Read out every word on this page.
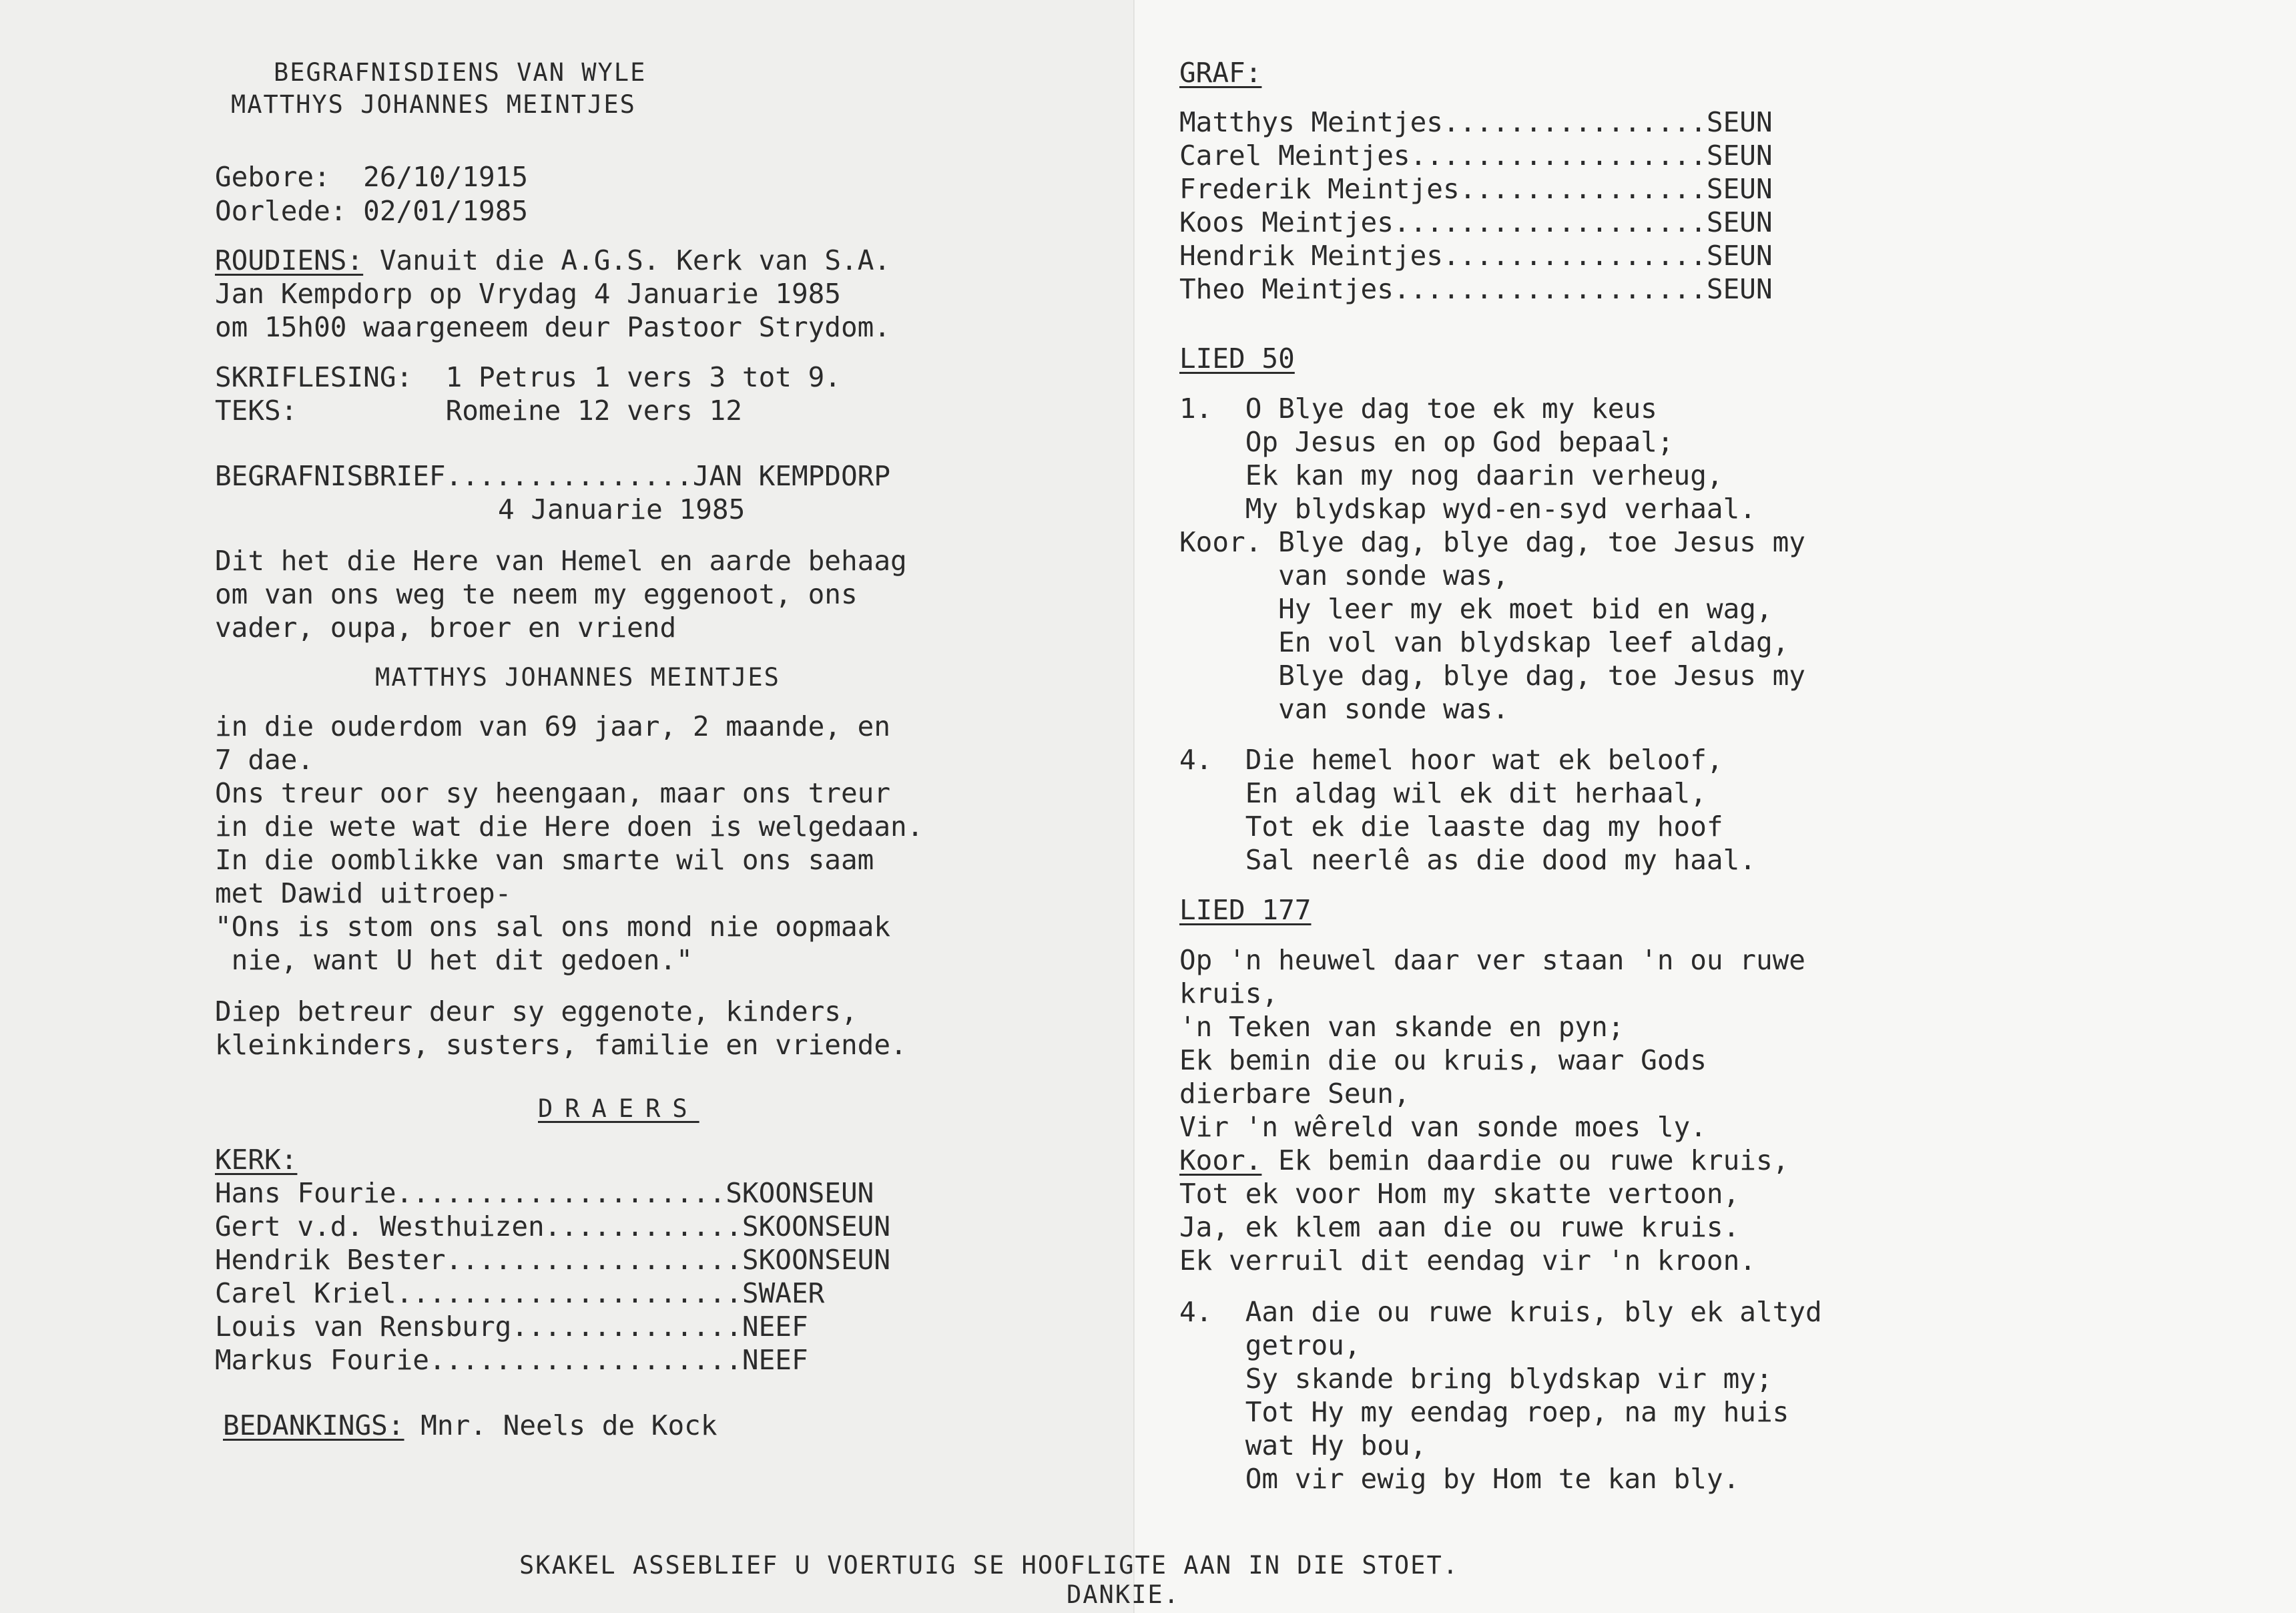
BEGRAFNISDIENS VAN WYLE
MATTHYS JOHANNES MEINTJES
Gebore:  26/10/1915
Oorlede: 02/01/1985
ROUDIENS: Vanuit die A.G.S. Kerk van S.A.
Jan Kempdorp op Vrydag 4 Januarie 1985
om 15h00 waargeneem deur Pastoor Strydom.
SKRIFLESING:  1 Petrus 1 vers 3 tot 9.
TEKS:         Romeine 12 vers 12
BEGRAFNISBRIEF...............JAN KEMPDORP
4 Januarie 1985
Dit het die Here van Hemel en aarde behaag
om van ons weg te neem my eggenoot, ons
vader, oupa, broer en vriend
MATTHYS JOHANNES MEINTJES
in die ouderdom van 69 jaar, 2 maande, en
7 dae.
Ons treur oor sy heengaan, maar ons treur
in die wete wat die Here doen is welgedaan.
In die oomblikke van smarte wil ons saam
met Dawid uitroep-
"Ons is stom ons sal ons mond nie oopmaak
nie, want U het dit gedoen."
Diep betreur deur sy eggenote, kinders,
kleinkinders, susters, familie en vriende.
DRAERS
KERK:
Hans Fourie....................SKOONSEUN
Gert v.d. Westhuizen............SKOONSEUN
Hendrik Bester..................SKOONSEUN
Carel Kriel.....................SWAER
Louis van Rensburg..............NEEF
Markus Fourie...................NEEF
BEDANKINGS: Mnr. Neels de Kock
GRAF:
Matthys Meintjes................SEUN
Carel Meintjes..................SEUN
Frederik Meintjes...............SEUN
Koos Meintjes...................SEUN
Hendrik Meintjes................SEUN
Theo Meintjes...................SEUN
LIED 50
1.  O Blye dag toe ek my keus
Op Jesus en op God bepaal;
Ek kan my nog daarin verheug,
My blydskap wyd-en-syd verhaal.
Koor. Blye dag, blye dag, toe Jesus my
van sonde was,
Hy leer my ek moet bid en wag,
En vol van blydskap leef aldag,
Blye dag, blye dag, toe Jesus my
van sonde was.
4.  Die hemel hoor wat ek beloof,
En aldag wil ek dit herhaal,
Tot ek die laaste dag my hoof
Sal neerlê as die dood my haal.
LIED 177
Op 'n heuwel daar ver staan 'n ou ruwe
kruis,
'n Teken van skande en pyn;
Ek bemin die ou kruis, waar Gods
dierbare Seun,
Vir 'n wêreld van sonde moes ly.
Koor. Ek bemin daardie ou ruwe kruis,
Tot ek voor Hom my skatte vertoon,
Ja, ek klem aan die ou ruwe kruis.
Ek verruil dit eendag vir 'n kroon.
4.  Aan die ou ruwe kruis, bly ek altyd
getrou,
Sy skande bring blydskap vir my;
Tot Hy my eendag roep, na my huis
wat Hy bou,
Om vir ewig by Hom te kan bly.
SKAKEL ASSEBLIEF U VOERTUIG SE HOOFLIGTE AAN IN DIE STOET.
DANKIE.
